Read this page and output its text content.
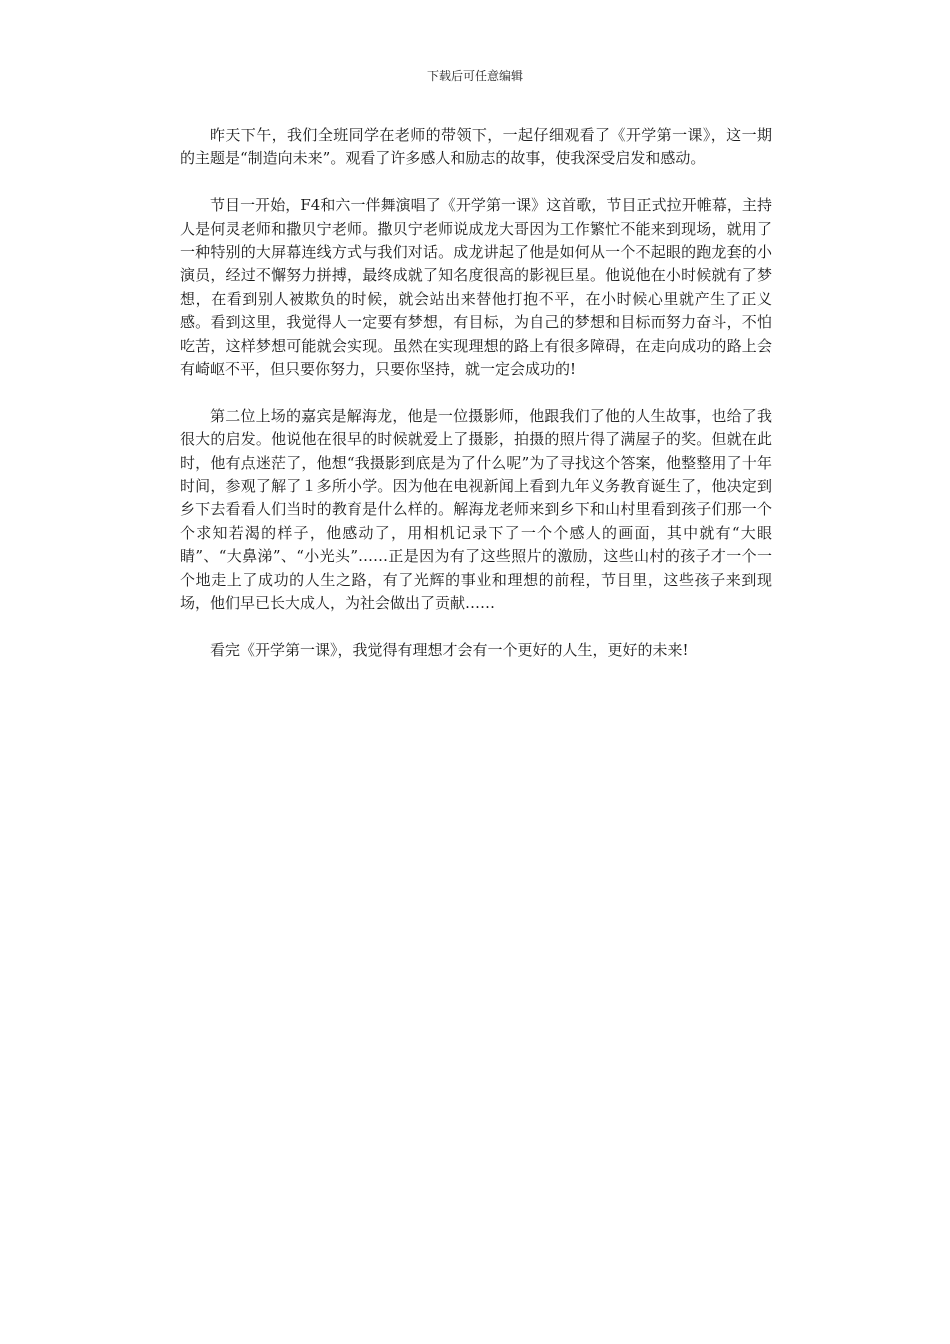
下载后可任意编辑

昨天下午，我们全班同学在老师的带领下，一起仔细观看了《开学第一课》，这一期的主题是“制造向未来”。观看了许多感人和励志的故事，使我深受启发和感动。

节目一开始，F4和六一伴舞演唱了《开学第一课》这首歌，节目正式拉开帷幕，主持人是何灵老师和撒贝宁老师。撒贝宁老师说成龙大哥因为工作繁忙不能来到现场，就用了一种特别的大屏幕连线方式与我们对话。成龙讲起了他是如何从一个不起眼的跑龙套的小演员，经过不懈努力拼搏，最终成就了知名度很高的影视巨星。他说他在小时候就有了梦想，在看到别人被欺负的时候，就会站出来替他打抱不平，在小时候心里就产生了正义感。看到这里，我觉得人一定要有梦想，有目标，为自己的梦想和目标而努力奋斗，不怕吃苦，这样梦想可能就会实现。虽然在实现理想的路上有很多障碍，在走向成功的路上会有崎岖不平，但只要你努力，只要你坚持，就一定会成功的!

第二位上场的嘉宾是解海龙，他是一位摄影师，他跟我们了他的人生故事，也给了我很大的启发。他说他在很早的时候就爱上了摄影，拍摄的照片得了满屋子的奖。但就在此时，他有点迷茫了，他想“我摄影到底是为了什么呢”为了寻找这个答案，他整整用了十年时间，参观了解了１多所小学。因为他在电视新闻上看到九年义务教育诞生了，他决定到乡下去看看人们当时的教育是什么样的。解海龙老师来到乡下和山村里看到孩子们那一个个求知若渴的样子，他感动了，用相机记录下了一个个感人的画面，其中就有“大眼睛”、“大鼻涕”、“小光头”……正是因为有了这些照片的激励，这些山村的孩子才一个一个地走上了成功的人生之路，有了光辉的事业和理想的前程，节目里，这些孩子来到现场，他们早已长大成人，为社会做出了贡献……

看完《开学第一课》，我觉得有理想才会有一个更好的人生，更好的未来!
